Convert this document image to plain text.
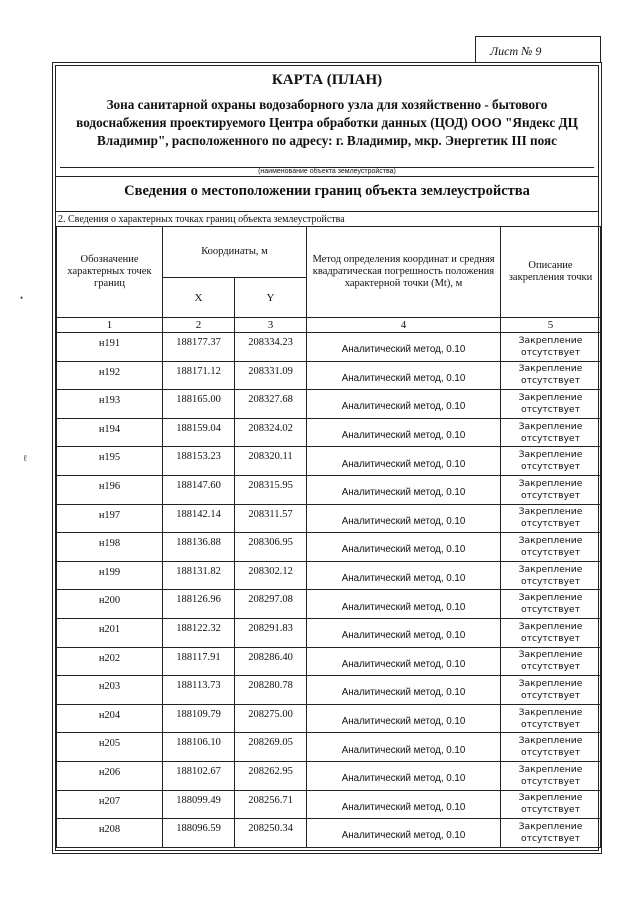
Лист № 9
•
ℓ
КАРТА (ПЛАН)
Зона санитарной охраны водозаборного узла для хозяйственно - бытового водоснабжения проектируемого Центра обработки данных (ЦОД) ООО "Яндекс ДЦ Владимир", расположенного по адресу: г. Владимир, мкр. Энергетик III пояс
(наименование объекта землеустройства)
Сведения о местоположении границ объекта землеустройства
2. Сведения о характерных точках границ объекта землеустройства
Обозначение характерных точек границ	Координаты, м		Метод определения координат и средняя квадратическая погрешность положения характерной точки (Mt), м	Описание закрепления точки
	X	Y		
1	2	3	4	5
н191	188177.37	208334.23	Аналитический метод, 0.10	Закрепление отсутствует
н192	188171.12	208331.09	Аналитический метод, 0.10	Закрепление отсутствует
н193	188165.00	208327.68	Аналитический метод, 0.10	Закрепление отсутствует
н194	188159.04	208324.02	Аналитический метод, 0.10	Закрепление отсутствует
н195	188153.23	208320.11	Аналитический метод, 0.10	Закрепление отсутствует
н196	188147.60	208315.95	Аналитический метод, 0.10	Закрепление отсутствует
н197	188142.14	208311.57	Аналитический метод, 0.10	Закрепление отсутствует
н198	188136.88	208306.95	Аналитический метод, 0.10	Закрепление отсутствует
н199	188131.82	208302.12	Аналитический метод, 0.10	Закрепление отсутствует
н200	188126.96	208297.08	Аналитический метод, 0.10	Закрепление отсутствует
н201	188122.32	208291.83	Аналитический метод, 0.10	Закрепление отсутствует
н202	188117.91	208286.40	Аналитический метод, 0.10	Закрепление отсутствует
н203	188113.73	208280.78	Аналитический метод, 0.10	Закрепление отсутствует
н204	188109.79	208275.00	Аналитический метод, 0.10	Закрепление отсутствует
н205	188106.10	208269.05	Аналитический метод, 0.10	Закрепление отсутствует
н206	188102.67	208262.95	Аналитический метод, 0.10	Закрепление отсутствует
н207	188099.49	208256.71	Аналитический метод, 0.10	Закрепление отсутствует
н208	188096.59	208250.34	Аналитический метод, 0.10	Закрепление отсутствует
